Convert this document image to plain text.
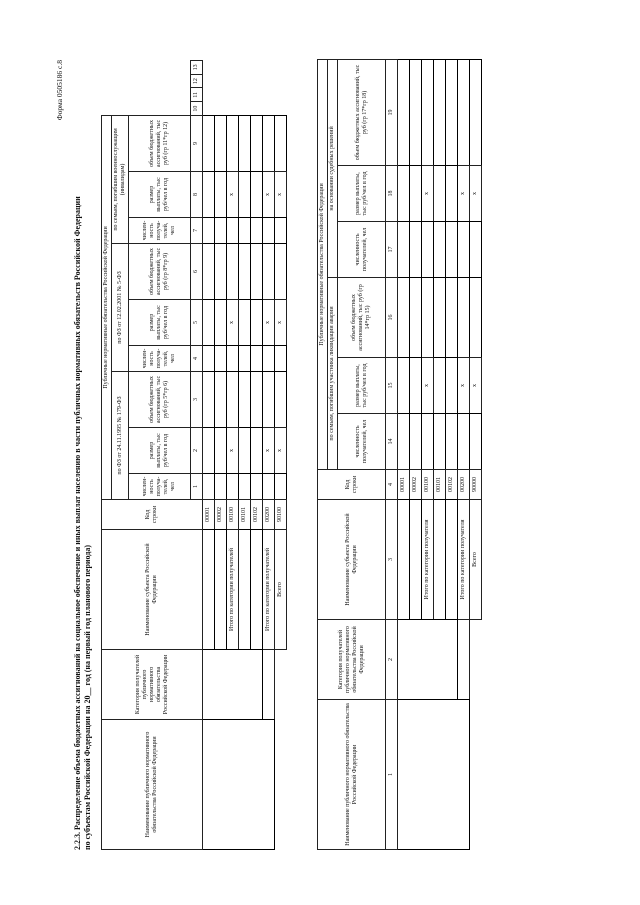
Форма 0505186 с.8
2.2.3. Распределение объема бюджетных ассигнований на социальное обеспечение и иных выплат населению в части публичных нормативных обязательств Российской Федерации по субъектам Российской Федерации на 20__ год (на первый год планового периода)	Наименование публичного нормативного обязательства Российской Федерации	Категория получателей публичного нормативного обязательства Российской Федерации	Наименование субъекта Российской Федерации	Код строки	Публичные нормативные обязательства Российской Федерации												
				по ФЗ от 24.11.1995 № 179-ФЗ			по ФЗ от 12.02.2001 № 5-ФЗ			по семьям, погибшим военнослужащим (инвалидам)						
				числен-ность получа-телей, чел	размер выплаты, тыс руб/чел в год	объем бюджетных ассигнований, тыс руб (гр 5*гр 6)	числен-ность получа-телей, чел	размер выплаты, тыс руб/чел в год	объем бюджетных ассигнований, тыс руб (гр 8*гр 9)	числен-ность получа-телей, чел	размер выплаты, тыс руб/чел в год	объем бюджетных ассигнований, тыс руб (гр 11*гр 12)				
				1	2	3	4	5	6	7	8	9	10	11	12	13
			00001													
			00002													
		Итого по категории получателей	00100		x			x			x					
			00101													
			00102													
		Итого по категории получателей	00200		x			x			x					
		Всего	90100		x			x			x					
Наименование публичного нормативного обязательства Российской Федерации	Категория получателей публичного нормативного обязательства Российской Федерации	Наименование субъекта Российской Федерации	Код строки	Публичные нормативные обязательства Российской Федерации					
				по семьям, погибшим участника ликвидации аварии			на основании судебных решений		
				численность получателей, чел	размер выплаты, тыс руб/чел в год	объем бюджетных ассигнований, тыс руб (гр 14*гр 15)	численность получателей, чел	размер выплаты, тыс руб/чел в год	объем бюджетных ассигнований, тыс руб (гр 17*гр 18)
1	2	3	4	14	15	16	17	18	19
			00001						
			00002						
		Итого по категории получателя	00100		x			x	
			00101						
			00102						
		Итого по категории получателя	00200		x			x	
		Всего	90000		x			x	
